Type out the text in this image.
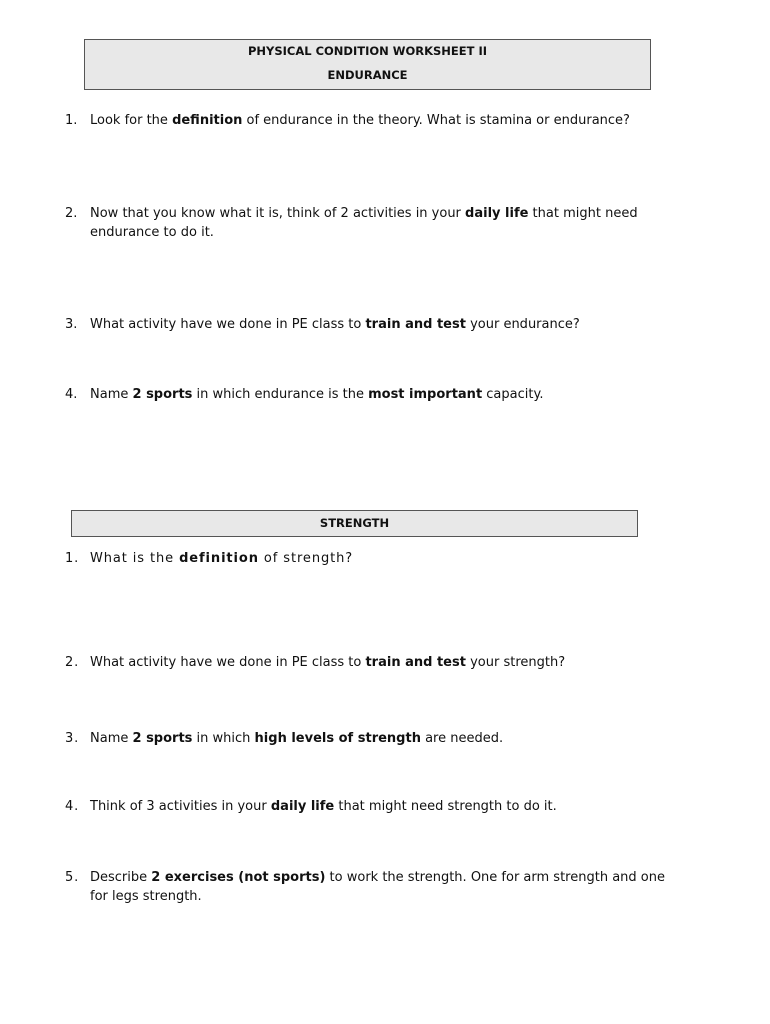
PHYSICAL CONDITION WORKSHEET II
ENDURANCE
1. Look for the definition of endurance in the theory. What is stamina or endurance?
2. Now that you know what it is, think of 2 activities in your daily life that might need endurance to do it.
3. What activity have we done in PE class to train and test your endurance?
4. Name 2 sports in which endurance is the most important capacity.
STRENGTH
1. What is the definition of strength?
2. What activity have we done in PE class to train and test your strength?
3. Name 2 sports in which high levels of strength are needed.
4. Think of 3 activities in your daily life that might need strength to do it.
5. Describe 2 exercises (not sports) to work the strength. One for arm strength and one for legs strength.
